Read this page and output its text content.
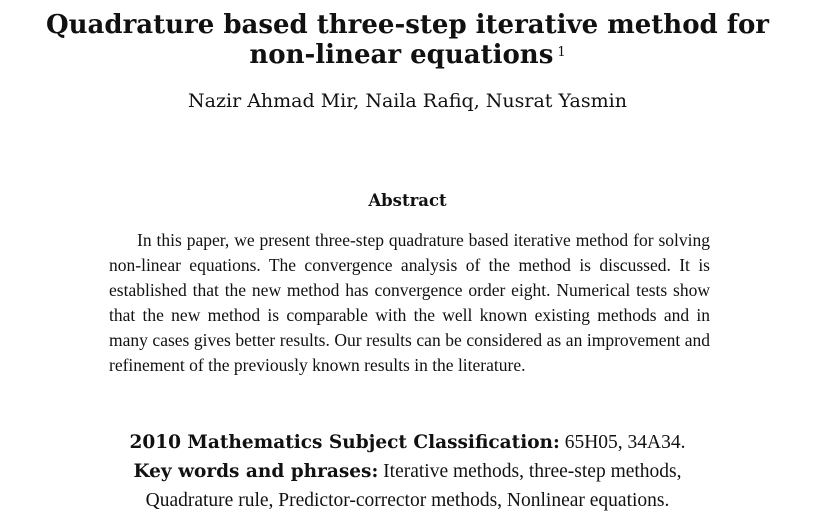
Quadrature based three-step iterative method for
non-linear equations $^1$
Nazir Ahmad Mir, Naila Rafiq, Nusrat Yasmin
Abstract

In this paper, we present three-step quadrature based iterative method for solving non-linear equations. The convergence analysis of the method is discussed. It is established that the new method has convergence order eight. Numerical tests show that the new method is comparable with the well known existing methods and in many cases gives better results. Our results can be considered as an improvement and refinement of the previously known results in the literature.

2010 Mathematics Subject Classification: 65H05, 34A34.
Key words and phrases: Iterative methods, three-step methods,
Quadrature rule, Predictor-corrector methods, Nonlinear equations.
